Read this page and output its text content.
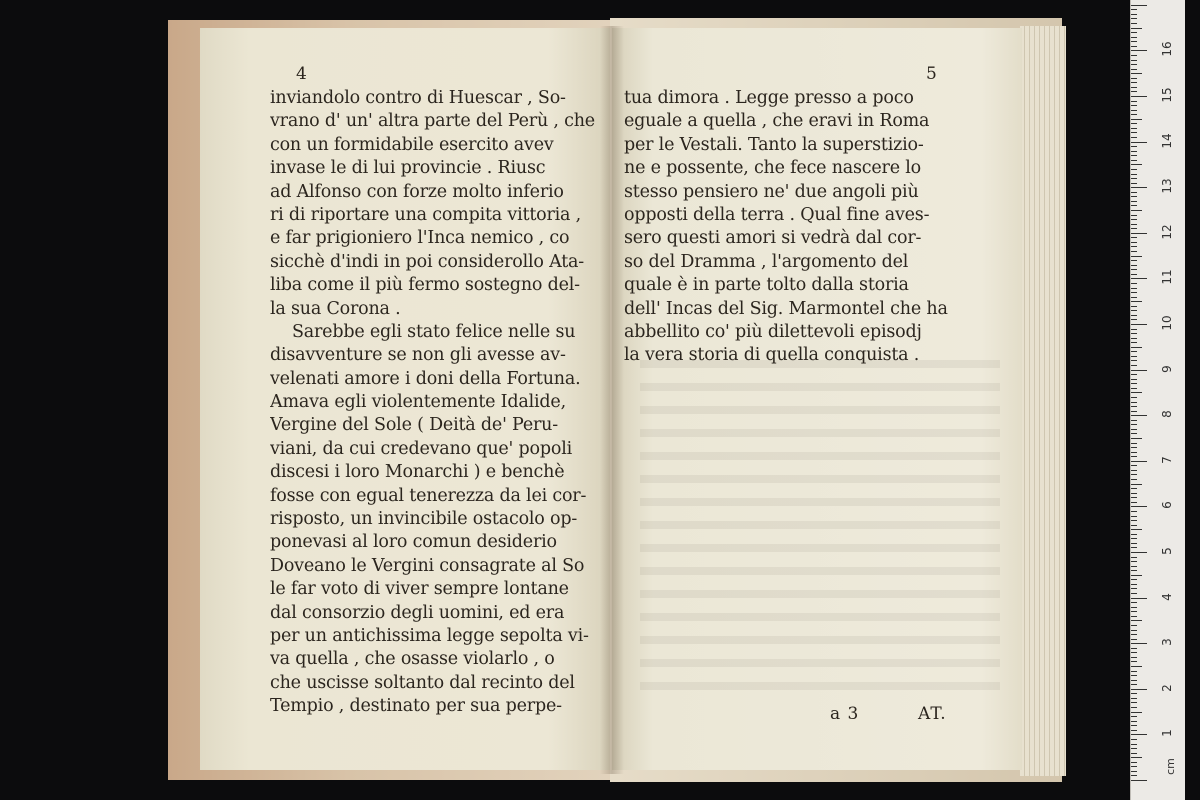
4
inviandolo contro di Huescar , So-
vrano d' un' altra parte del Perù , che
con un formidabile esercito avev
invase le di lui provincie . Riusc
ad Alfonso con forze molto inferio
ri di riportare una compita vittoria ,
e far prigioniero l'Inca nemico , co
sicchè d'indi in poi considerollo Ata-
liba come il più fermo sostegno del-
la sua Corona .
Sarebbe egli stato felice nelle su
disavventure se non gli avesse av-
velenati amore i doni della Fortuna.
Amava egli violentemente Idalide,
Vergine del Sole ( Deità de' Peru-
viani, da cui credevano que' popoli
discesi i loro Monarchi ) e benchè
fosse con egual tenerezza da lei cor-
risposto, un invincibile ostacolo op-
ponevasi al loro comun desiderio
Doveano le Vergini consagrate al So
le far voto di viver sempre lontane
dal consorzio degli uomini, ed era
per un antichissima legge sepolta vi-
va quella , che osasse violarlo , o
che uscisse soltanto dal recinto del
Tempio , destinato per sua perpe-
5
tua dimora . Legge presso a poco
eguale a quella , che eravi in Roma
per le Vestali. Tanto la superstizio-
ne e possente, che fece nascere lo
stesso pensiero ne' due angoli più
opposti della terra . Qual fine aves-
sero questi amori si vedrà dal cor-
so del Dramma , l'argomento del
quale è in parte tolto dalla storia
dell' Incas del Sig. Marmontel che ha
abbellito co' più dilettevoli episodj
la vera storia di quella conquista .
a 3	AT.
cm
1
2
3
4
5
6
7
8
9
10
11
12
13
14
15
16
